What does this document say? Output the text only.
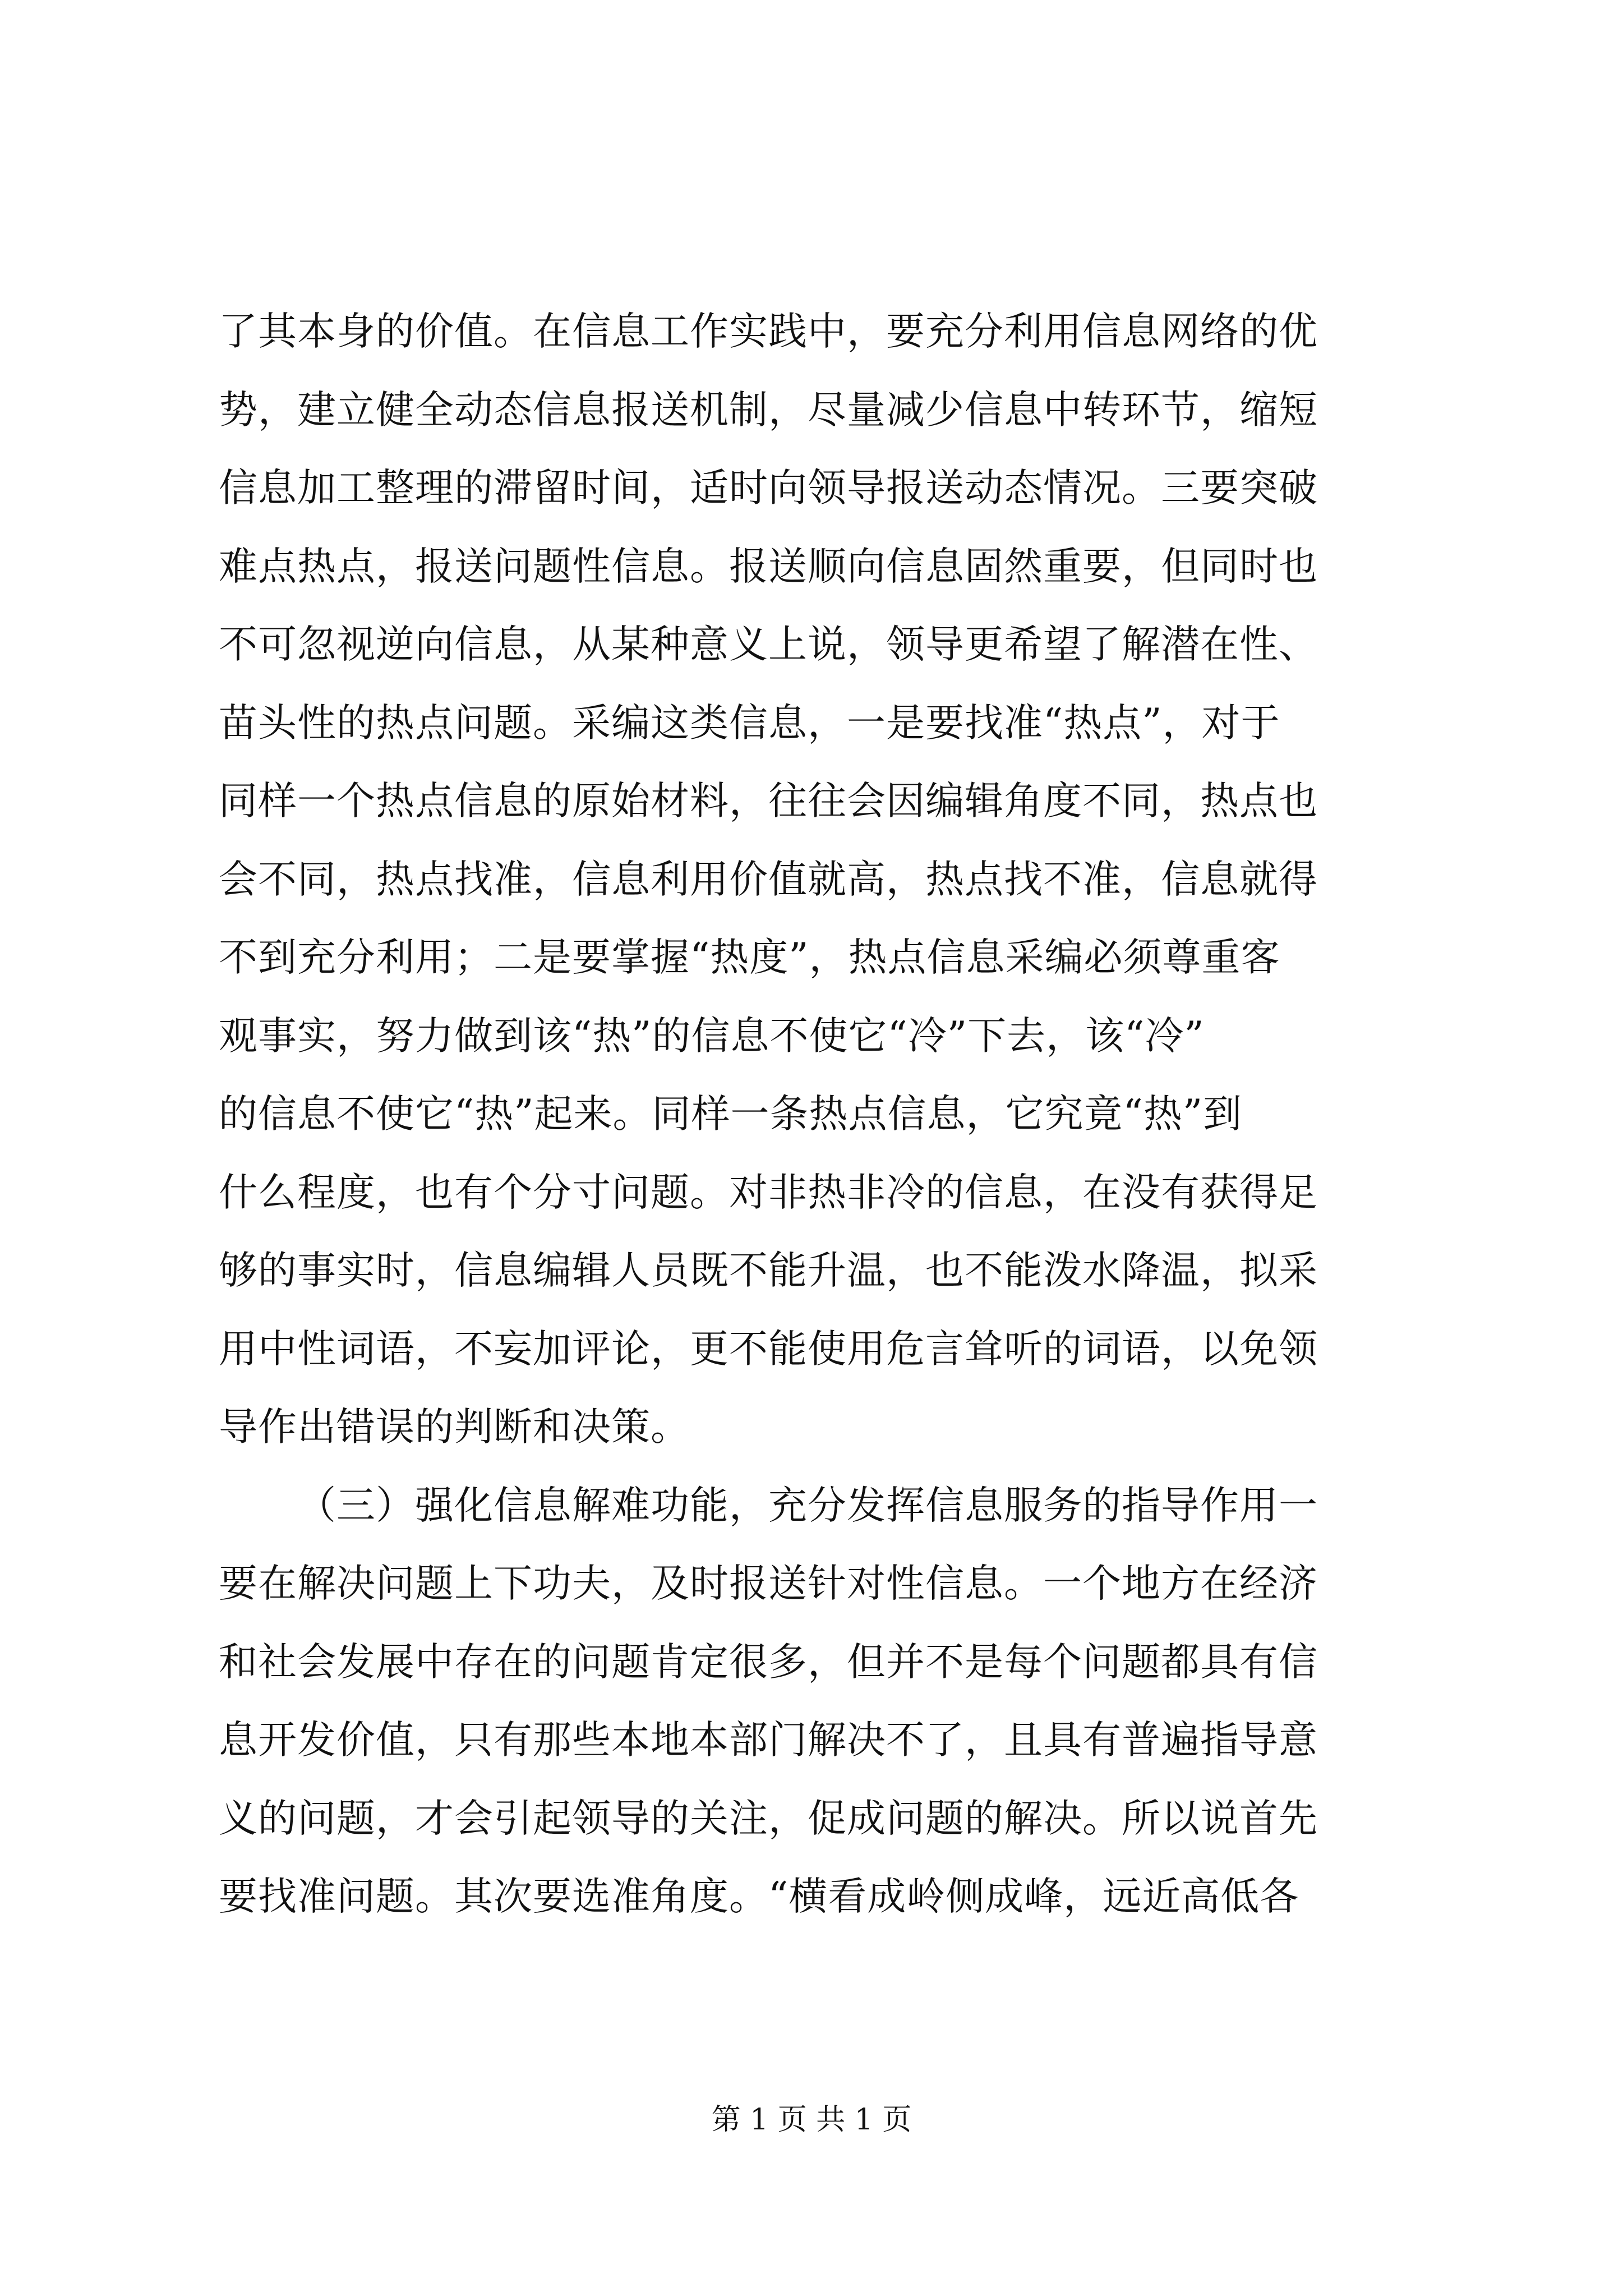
了其本身的价值。在信息工作实践中，要充分利用信息网络的优
势，建立健全动态信息报送机制，尽量减少信息中转环节，缩短
信息加工整理的滞留时间，适时向领导报送动态情况。三要突破
难点热点，报送问题性信息。报送顺向信息固然重要，但同时也
不可忽视逆向信息，从某种意义上说，领导更希望了解潜在性、
苗头性的热点问题。采编这类信息，一是要找准“热点”，对于
同样一个热点信息的原始材料，往往会因编辑角度不同，热点也
会不同，热点找准，信息利用价值就高，热点找不准，信息就得
不到充分利用；二是要掌握“热度”，热点信息采编必须尊重客
观事实，努力做到该“热”的信息不使它“冷”下去，该“冷”
的信息不使它“热”起来。同样一条热点信息，它究竟“热”到
什么程度，也有个分寸问题。对非热非冷的信息，在没有获得足
够的事实时，信息编辑人员既不能升温，也不能泼水降温，拟采
用中性词语，不妄加评论，更不能使用危言耸听的词语，以免领
导作出错误的判断和决策。
（三）强化信息解难功能，充分发挥信息服务的指导作用一
要在解决问题上下功夫，及时报送针对性信息。一个地方在经济
和社会发展中存在的问题肯定很多，但并不是每个问题都具有信
息开发价值，只有那些本地本部门解决不了，且具有普遍指导意
义的问题，才会引起领导的关注，促成问题的解决。所以说首先
要找准问题。其次要选准角度。“横看成岭侧成峰，远近高低各
第 1 页 共 1 页
